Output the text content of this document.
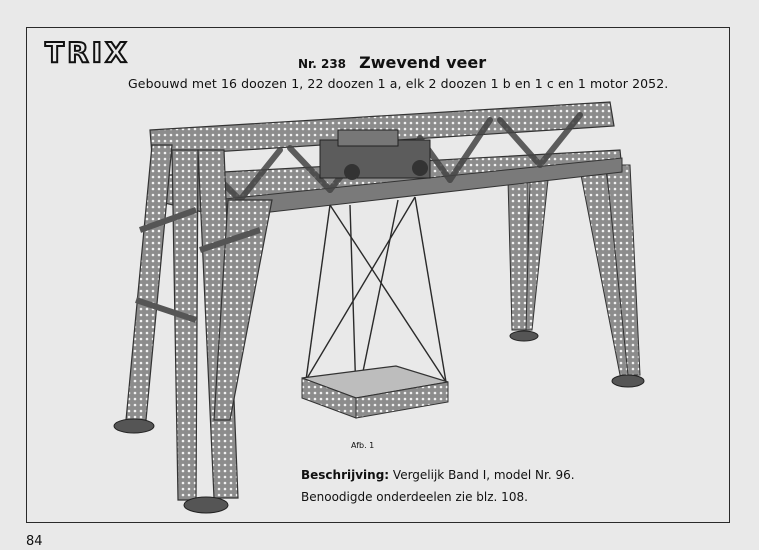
TRIX	Nr. 238 Zwevend veer
Gebouwd met 16 doozen 1, 22 doozen 1 a, elk 2 doozen 1 b en 1 c en 1 motor 2052.
Afb. 1
Beschrijving: Vergelijk Band I, model Nr. 96.
Benoodigde onderdeelen zie blz. 108.
84
